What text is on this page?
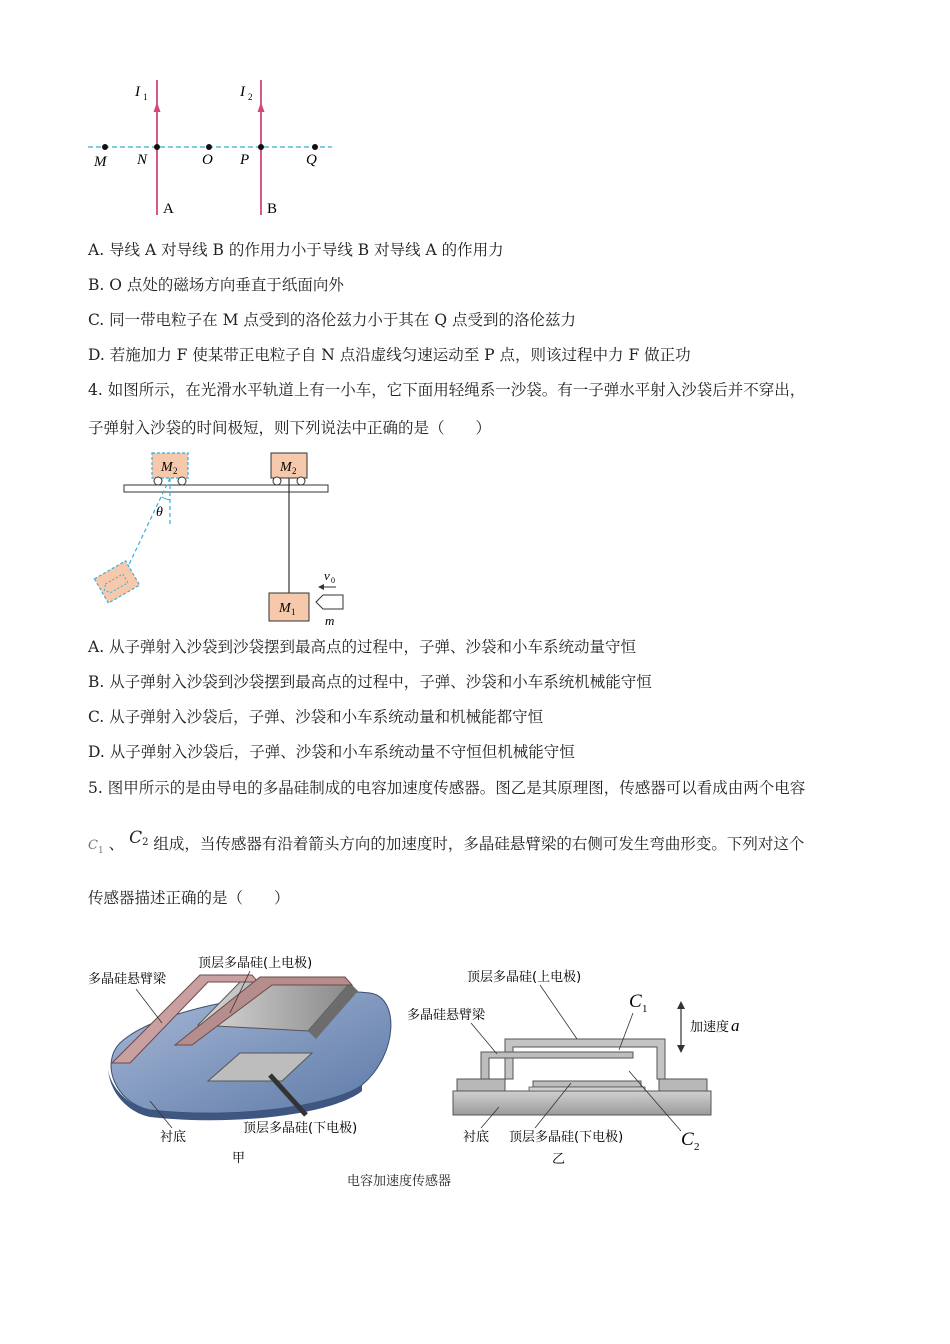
I 1	I 2
M N	O P	Q
A	B
A. 导线 A 对导线 B 的作用力小于导线 B 对导线 A 的作用力
B. O 点处的磁场方向垂直于纸面向外
C. 同一带电粒子在 M 点受到的洛伦兹力小于其在 Q 点受到的洛伦兹力
D. 若施加力 F 使某带正电粒子自 N 点沿虚线匀速运动至 P 点，则该过程中力 F 做正功
4. 如图所示，在光滑水平轨道上有一小车，它下面用轻绳系一沙袋。有一子弹水平射入沙袋后并不穿出，
子弹射入沙袋的时间极短，则下列说法中正确的是（　　）
M 2
θ
M 2
M 1
v 0
m
A. 从子弹射入沙袋到沙袋摆到最高点的过程中，子弹、沙袋和小车系统动量守恒
B. 从子弹射入沙袋到沙袋摆到最高点的过程中，子弹、沙袋和小车系统机械能守恒
C. 从子弹射入沙袋后，子弹、沙袋和小车系统动量和机械能都守恒
D. 从子弹射入沙袋后，子弹、沙袋和小车系统动量不守恒但机械能守恒
5. 图甲所示的是由导电的多晶硅制成的电容加速度传感器。图乙是其原理图，传感器可以看成由两个电容
$C_1$ 、 $C_2$ 组成，当传感器有沿着箭头方向的加速度时，多晶硅悬臂梁的右侧可发生弯曲形变。下列对这个
传感器描述正确的是（　　）
顶层多晶硅(上电极)
多晶硅悬臂梁
衬底
顶层多晶硅(下电极)
甲
顶层多晶硅(上电极)
多晶硅悬臂梁
C 1
加速度 a
衬底 顶层多晶硅(下电极)	C 2
乙
电容加速度传感器
